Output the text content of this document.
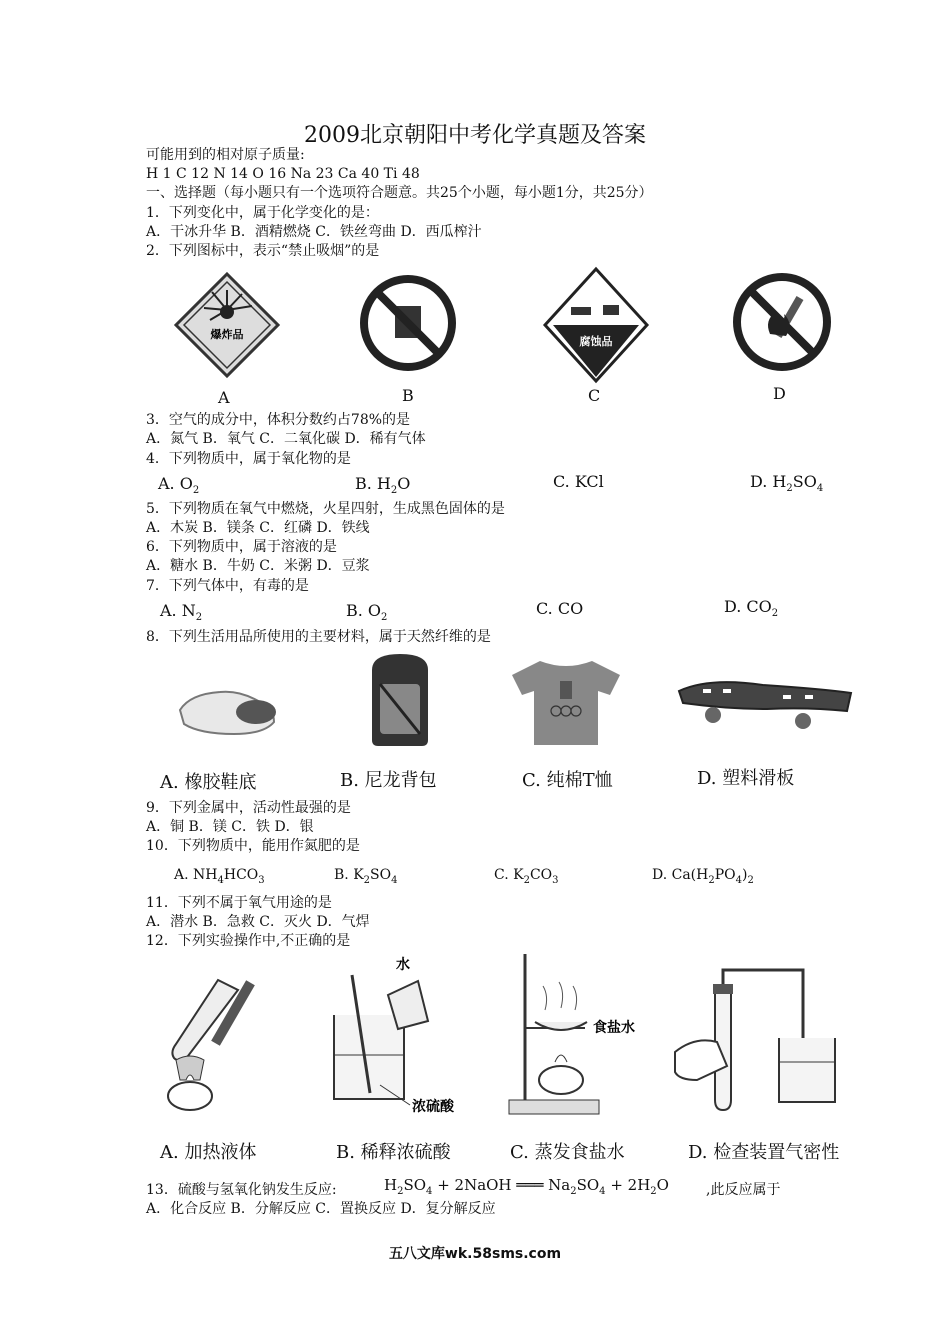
2009北京朝阳中考化学真题及答案
可能用到的相对原子质量:
H 1 C 12 N 14 O 16 Na 23 Ca 40 Ti 48
一、选择题（每小题只有一个选项符合题意。共25个小题，每小题1分，共25分）
1．下列变化中，属于化学变化的是：
A．干冰升华 B．酒精燃烧 C．铁丝弯曲 D．西瓜榨汁
2．下列图标中，表示“禁止吸烟”的是
爆炸品
腐蚀品
A	B	C	D
3．空气的成分中，体积分数约占78%的是
A．氮气 B．氧气 C．二氧化碳 D．稀有气体
4．下列物质中，属于氧化物的是
A. $O_2$	B. $H_2O$	C. KCl	D. $H_2SO_4$
5．下列物质在氧气中燃烧，火星四射，生成黑色固体的是
A．木炭 B．镁条 C．红磷 D．铁线
6．下列物质中，属于溶液的是
A．糖水 B．牛奶 C．米粥 D．豆浆
7．下列气体中，有毒的是
A. $N_2$	B. $O_2$	C. CO	D. $CO_2$
8．下列生活用品所使用的主要材料，属于天然纤维的是
A. 橡胶鞋底	B. 尼龙背包	C. 纯棉T恤	D. 塑料滑板
9．下列金属中，活动性最强的是
A．铜 B．镁 C．铁 D．银
10．下列物质中，能用作氮肥的是
A. $NH_4HCO_3$	B. $K_2SO_4$	C. $K_2CO_3$	D. $Ca(H_2PO_4)_2$
11．下列不属于氧气用途的是
A．潜水 B．急救 C．灭火 D．气焊
12．下列实验操作中,不正确的是
水
浓硫酸
食盐水
A. 加热液体	B. 稀释浓硫酸	C. 蒸发食盐水	D. 检查装置气密性
13．硫酸与氢氧化钠发生反应:	$H_2SO_4$ + 2NaOH ═══ $Na_2SO_4 + 2H_2O$	,此反应属于
A．化合反应 B．分解反应 C．置换反应 D．复分解反应
五八文库wk.58sms.com
